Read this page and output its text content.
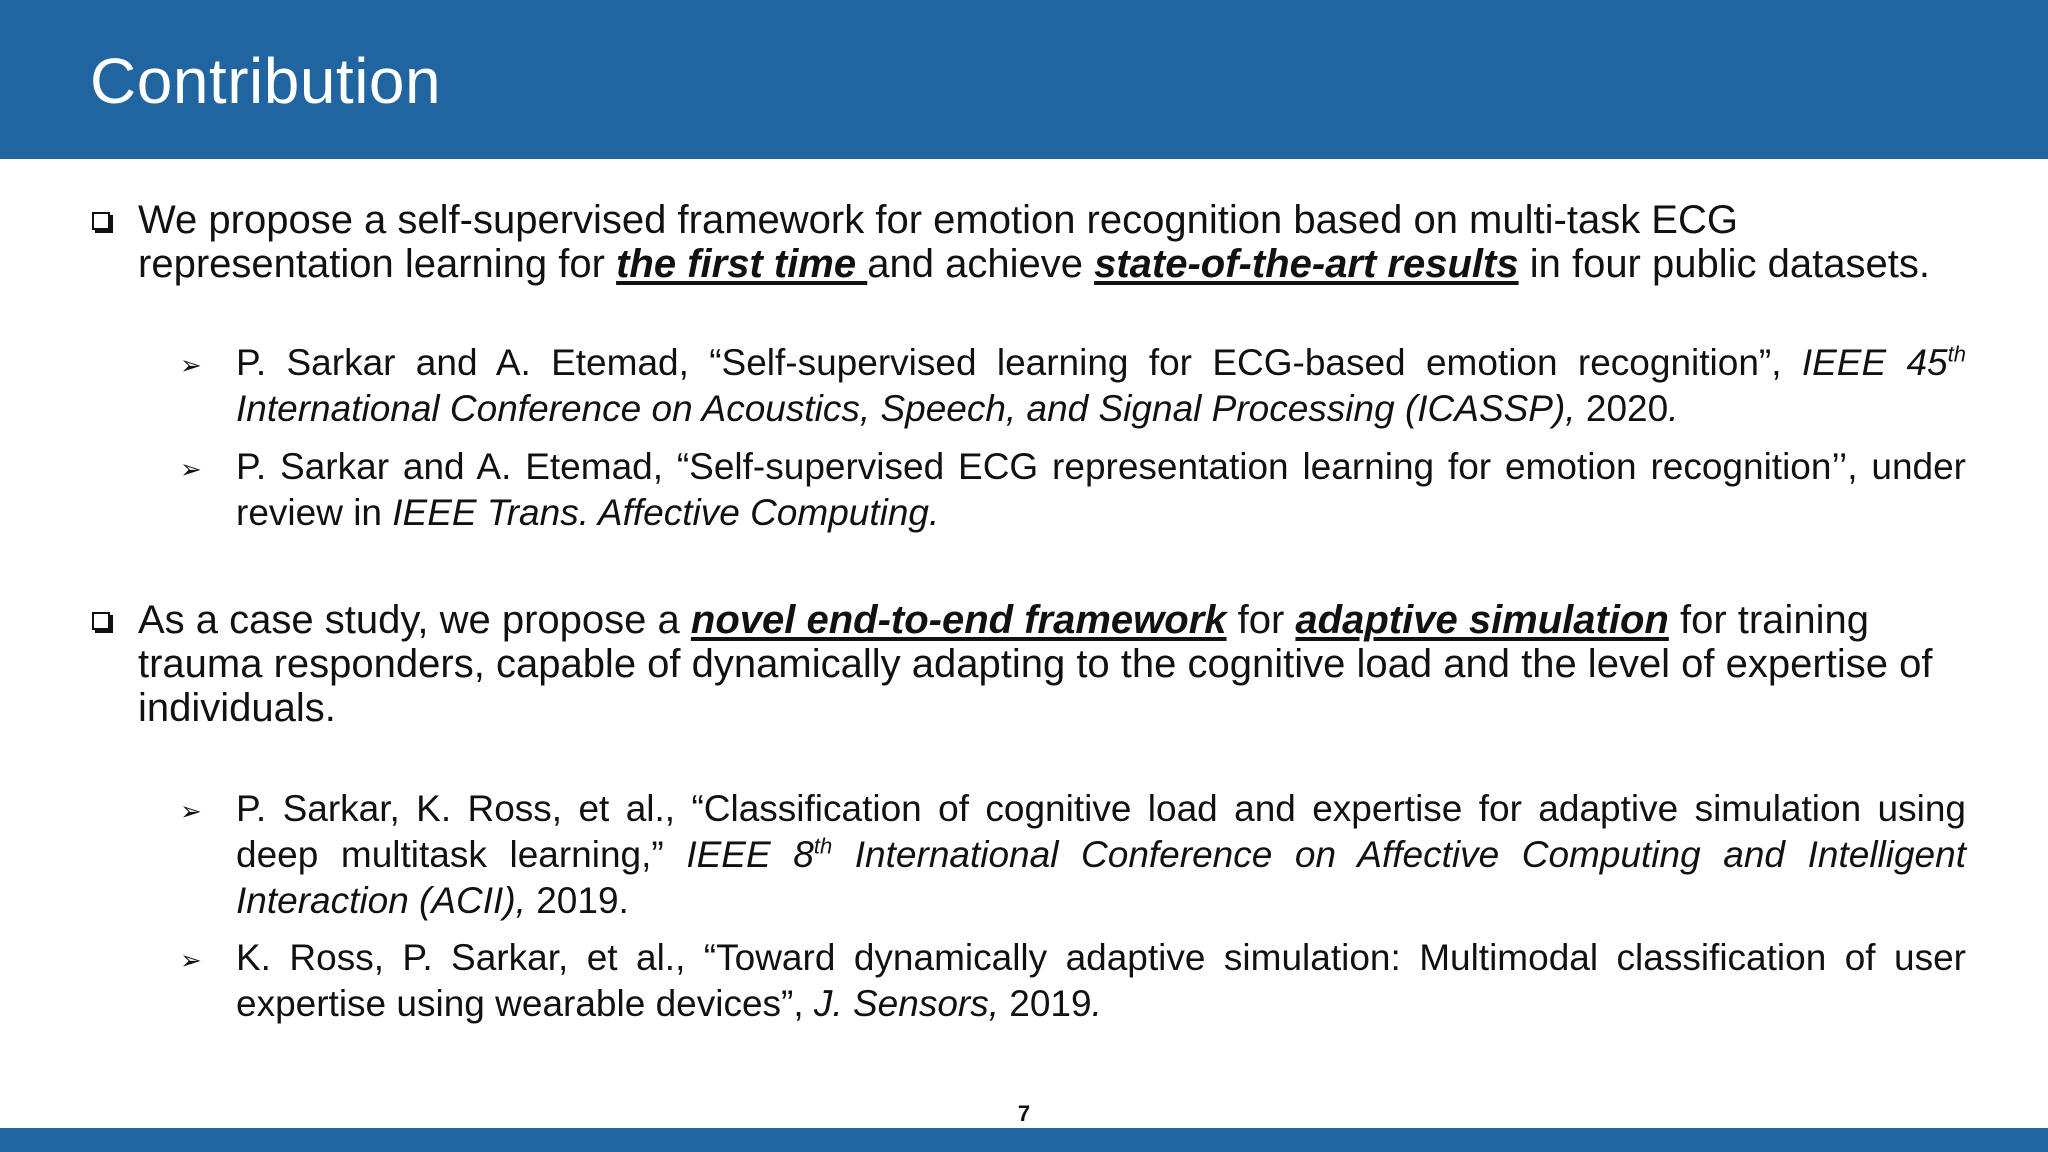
Contribution
We propose a self-supervised framework for emotion recognition based on multi-task ECG representation learning for the first time and achieve state-of-the-art results in four public datasets.
➢ P. Sarkar and A. Etemad, “Self-supervised learning for ECG-based emotion recognition”, IEEE 45th International Conference on Acoustics, Speech, and Signal Processing (ICASSP), 2020.
➢ P. Sarkar and A. Etemad, “Self-supervised ECG representation learning for emotion recognition’’, under review in IEEE Trans. Affective Computing.
As a case study, we propose a novel end-to-end framework for adaptive simulation for training trauma responders, capable of dynamically adapting to the cognitive load and the level of expertise of individuals.
➢ P. Sarkar, K. Ross, et al., “Classification of cognitive load and expertise for adaptive simulation using deep multitask learning,” IEEE 8th International Conference on Affective Computing and Intelligent Interaction (ACII), 2019.
➢ K. Ross, P. Sarkar, et al., “Toward dynamically adaptive simulation: Multimodal classification of user expertise using wearable devices”, J. Sensors, 2019.
7
